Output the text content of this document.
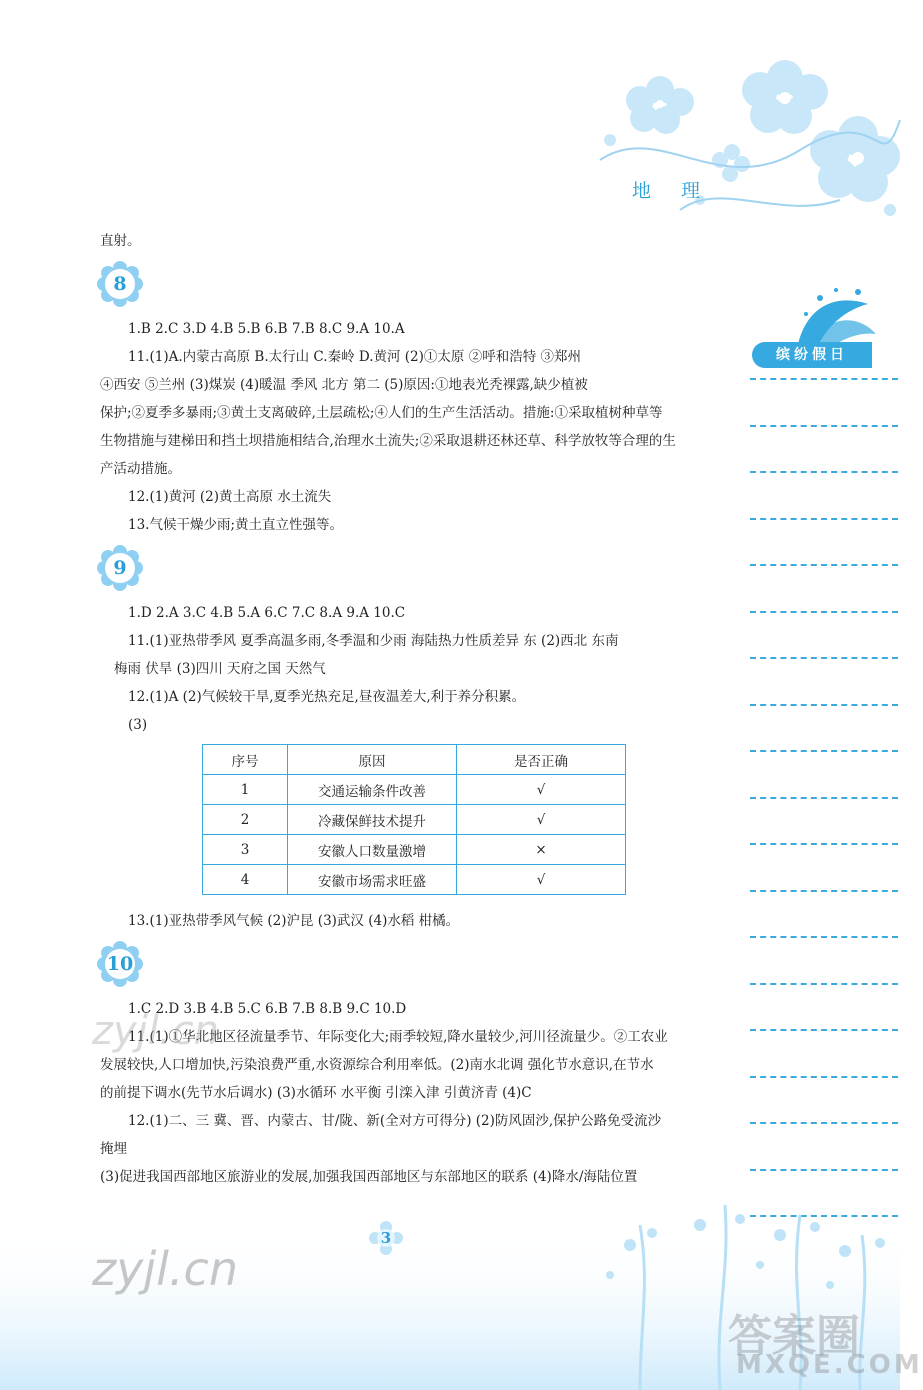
地 理
缤纷假日
直射。
8
1.B 2.C 3.D 4.B 5.B 6.B 7.B 8.C 9.A 10.A
11.(1)A.内蒙古高原 B.太行山 C.秦岭 D.黄河 (2)①太原 ②呼和浩特 ③郑州
④西安 ⑤兰州 (3)煤炭 (4)暖温 季风 北方 第二 (5)原因:①地表光秃裸露,缺少植被
保护;②夏季多暴雨;③黄土支离破碎,土层疏松;④人们的生产生活活动。措施:①采取植树种草等
生物措施与建梯田和挡土坝措施相结合,治理水土流失;②采取退耕还林还草、科学放牧等合理的生
产活动措施。
12.(1)黄河 (2)黄土高原 水土流失
13.气候干燥少雨;黄土直立性强等。
9
1.D 2.A 3.C 4.B 5.A 6.C 7.C 8.A 9.A 10.C
11.(1)亚热带季风 夏季高温多雨,冬季温和少雨 海陆热力性质差异 东 (2)西北 东南
梅雨 伏旱 (3)四川 天府之国 天然气
12.(1)A (2)气候较干旱,夏季光热充足,昼夜温差大,利于养分积累。
(3)
序号	原因	是否正确
1	交通运输条件改善	√
2	冷藏保鲜技术提升	√
3	安徽人口数量激增	×
4	安徽市场需求旺盛	√
13.(1)亚热带季风气候 (2)沪昆 (3)武汉 (4)水稻 柑橘。
10
1.C 2.D 3.B 4.B 5.C 6.B 7.B 8.B 9.C 10.D
11.(1)①华北地区径流量季节、年际变化大;雨季较短,降水量较少,河川径流量少。②工农业
发展较快,人口增加快,污染浪费严重,水资源综合利用率低。(2)南水北调 强化节水意识,在节水
的前提下调水(先节水后调水) (3)水循环 水平衡 引滦入津 引黄济青 (4)C
12.(1)二、三 冀、晋、内蒙古、甘/陇、新(全对方可得分) (2)防风固沙,保护公路免受流沙
掩埋
(3)促进我国西部地区旅游业的发展,加强我国西部地区与东部地区的联系 (4)降水/海陆位置
3
zyjl.cn
zyjl.cn
答案圈
MXQE.COM
